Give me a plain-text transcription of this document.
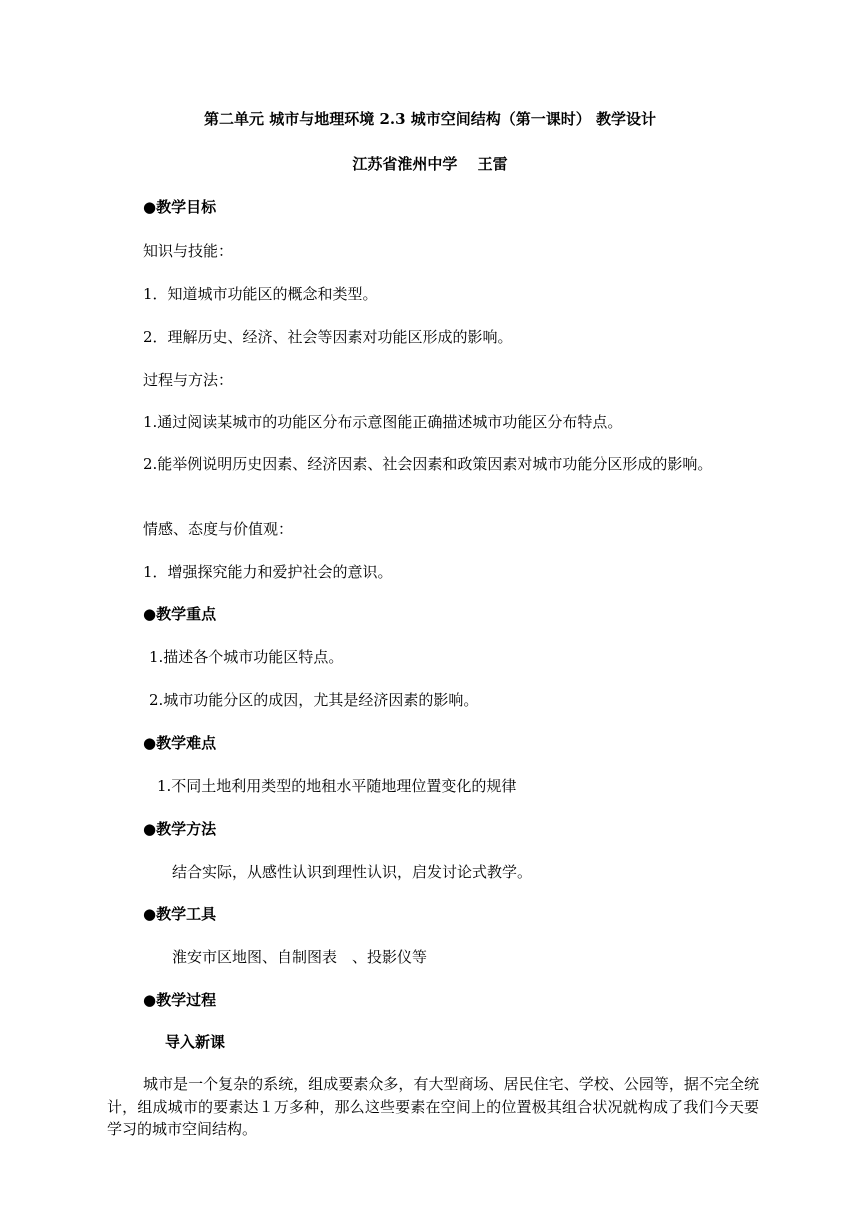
第二单元 城市与地理环境 2.3 城市空间结构（第一课时） 教学设计
江苏省淮州中学　 王雷
●教学目标
知识与技能：
1．知道城市功能区的概念和类型。
2．理解历史、经济、社会等因素对功能区形成的影响。
过程与方法：
1.通过阅读某城市的功能区分布示意图能正确描述城市功能区分布特点。
2.能举例说明历史因素、经济因素、社会因素和政策因素对城市功能分区形成的影响。
情感、态度与价值观：
1．增强探究能力和爱护社会的意识。
●教学重点
1.描述各个城市功能区特点。
2.城市功能分区的成因，尤其是经济因素的影响。
●教学难点
1.不同土地利用类型的地租水平随地理位置变化的规律
●教学方法
结合实际，从感性认识到理性认识，启发讨论式教学。
●教学工具
淮安市区地图、自制图表　、投影仪等
●教学过程
导入新课
城市是一个复杂的系统，组成要素众多，有大型商场、居民住宅、学校、公园等，据不完全统计，组成城市的要素达１万多种，那么这些要素在空间上的位置极其组合状况就构成了我们今天要学习的城市空间结构。
